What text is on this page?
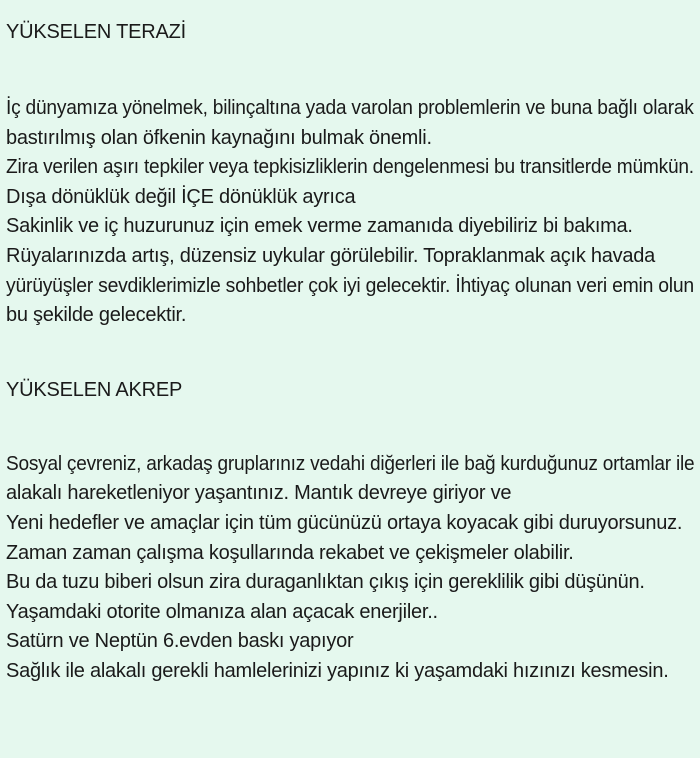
YÜKSELEN TERAZİ

İç dünyamıza yönelmek, bilinçaltına yada varolan problemlerin ve buna bağlı olarak

bastırılmış olan öfkenin kaynağını bulmak önemli.

Zira verilen aşırı tepkiler veya tepkisizliklerin dengelenmesi bu transitlerde mümkün.

Dışa dönüklük değil İÇE dönüklük ayrıca

Sakinlik ve iç huzurunuz için emek verme zamanıda diyebiliriz bi bakıma.

Rüyalarınızda artış, düzensiz uykular görülebilir. Topraklanmak açık havada

yürüyüşler sevdiklerimizle sohbetler çok iyi gelecektir. İhtiyaç olunan veri emin olun

bu şekilde gelecektir.

YÜKSELEN AKREP

Sosyal çevreniz, arkadaş gruplarınız vedahi diğerleri ile bağ kurduğunuz ortamlar ile

alakalı hareketleniyor yaşantınız. Mantık devreye giriyor ve

Yeni hedefler ve amaçlar için tüm gücünüzü ortaya koyacak gibi duruyorsunuz.

Zaman zaman çalışma koşullarında rekabet ve çekişmeler olabilir.

Bu da tuzu biberi olsun zira duraganlıktan çıkış için gereklilik gibi düşünün.

Yaşamdaki otorite olmanıza alan açacak enerjiler..

Satürn ve Neptün 6.evden baskı yapıyor

Sağlık ile alakalı gerekli hamlelerinizi yapınız ki yaşamdaki hızınızı kesmesin.
